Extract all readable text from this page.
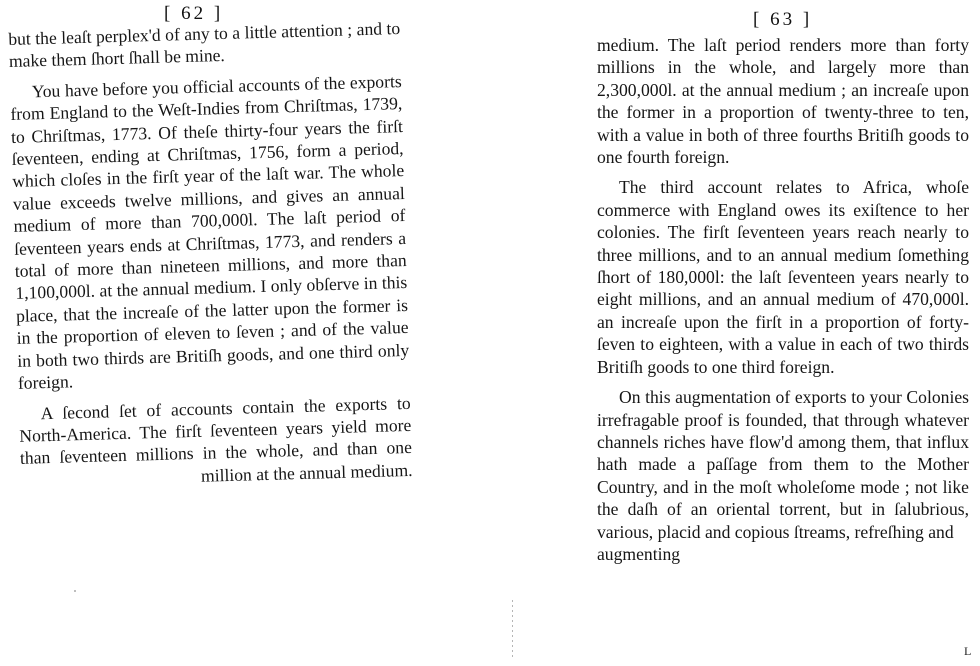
[ 62 ]

but the leaſt perplex'd of any to a little attention ; and to make them ſhort ſhall be mine.

You have before you official accounts of the exports from England to the Weſt-Indies from Chriſtmas, 1739, to Chriſtmas, 1773. Of theſe thirty-four years the firſt ſeventeen, ending at Chriſtmas, 1756, form a period, which cloſes in the firſt year of the laſt war. The whole value exceeds twelve millions, and gives an annual medium of more than 700,000l. The laſt period of ſeventeen years ends at Chriſtmas, 1773, and renders a total of more than nineteen millions, and more than 1,100,000l. at the annual medium. I only obſerve in this place, that the increaſe of the latter upon the former is in the proportion of eleven to ſeven ; and of the value in both two thirds are Britiſh goods, and one third only foreign.

A ſecond ſet of accounts contain the exports to North-America. The firſt ſeventeen years yield more than ſeventeen millions in the whole, and than one million at the annual medium.

[ 63 ]

medium. The laſt period renders more than forty millions in the whole, and largely more than 2,300,000l. at the annual medium ; an increaſe upon the former in a proportion of twenty-three to ten, with a value in both of three fourths Britiſh goods to one fourth foreign.

The third account relates to Africa, whoſe commerce with England owes its exiſtence to her colonies. The firſt ſeventeen years reach nearly to three millions, and to an annual medium ſomething ſhort of 180,000l: the laſt ſeventeen years nearly to eight millions, and an annual medium of 470,000l. an increaſe upon the firſt in a proportion of forty-ſeven to eighteen, with a value in each of two thirds Britiſh goods to one third foreign.

On this augmentation of exports to your Colonies irrefragable proof is founded, that through whatever channels riches have flow'd among them, that influx hath made a paſſage from them to the Mother Country, and in the moſt wholeſome mode ; not like the daſh of an oriental torrent, but in ſalubrious, various, placid and copious ſtreams, refreſhing and

augmenting

L
